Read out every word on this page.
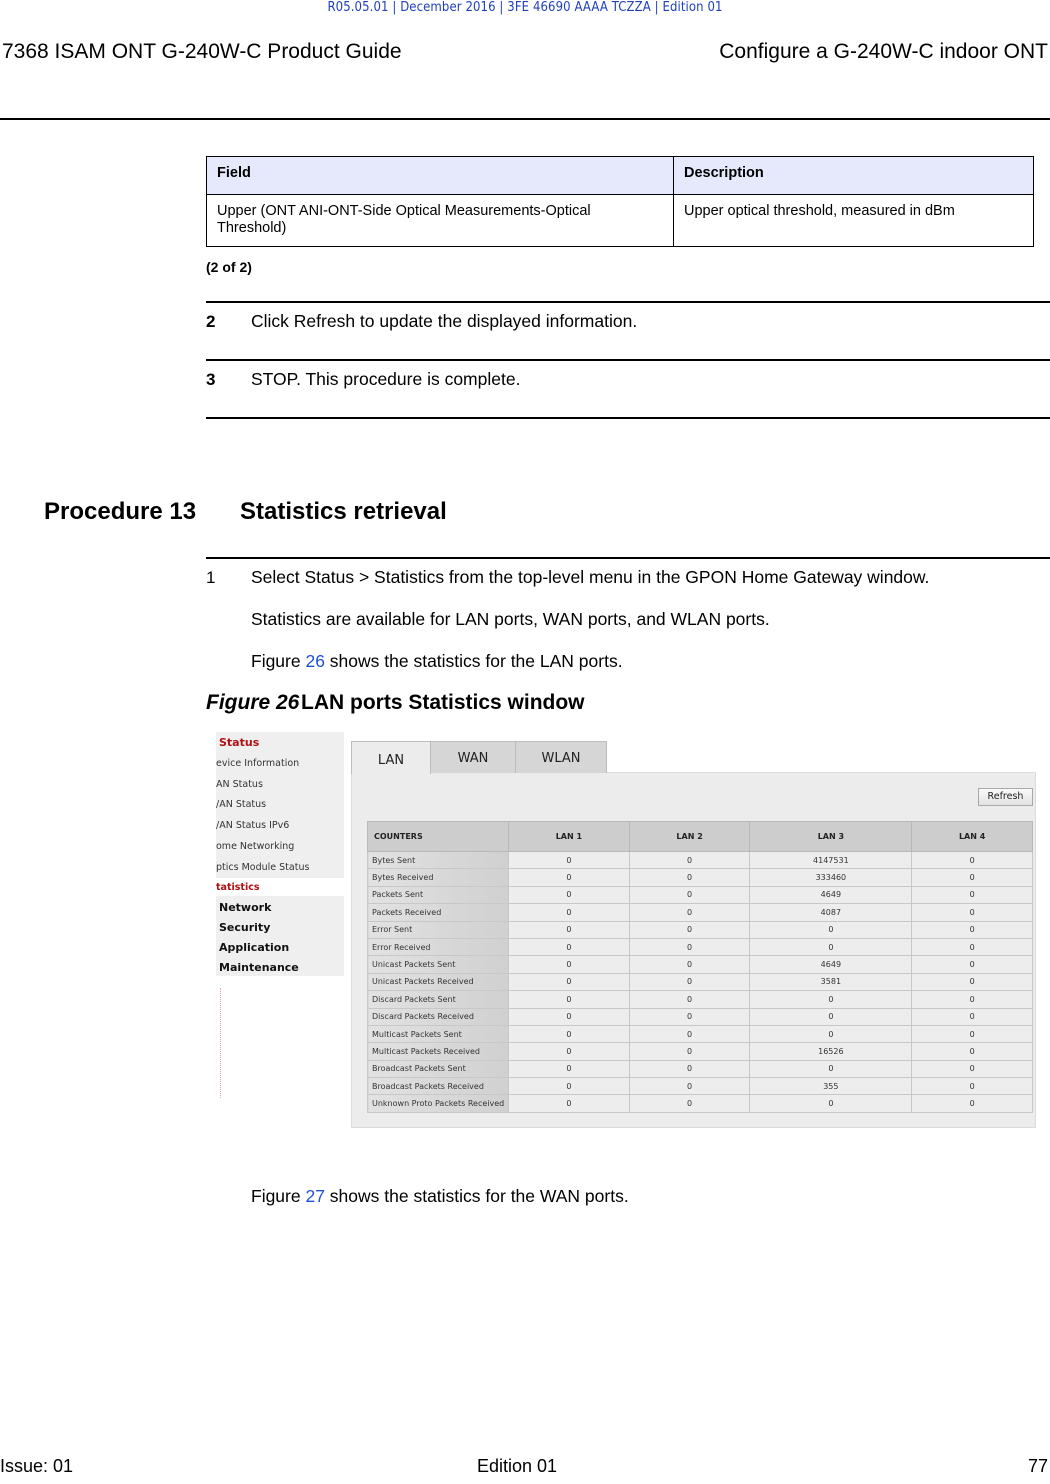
R05.05.01 | December 2016 | 3FE 46690 AAAA TCZZA | Edition 01
7368 ISAM ONT G-240W-C Product Guide	Configure a G-240W-C indoor ONT
Field	Description
Upper (ONT ANI-ONT-Side Optical Measurements-Optical Threshold)	Upper optical threshold, measured in dBm
(2 of 2)
2 Click Refresh to update the displayed information.
3 STOP. This procedure is complete.
Procedure 13 Statistics retrieval
1 Select Status > Statistics from the top-level menu in the GPON Home Gateway window.
Statistics are available for LAN ports, WAN ports, and WLAN ports.
Figure 26 shows the statistics for the LAN ports.
Figure 26 LAN ports Statistics window
Status
evice Information
AN Status
/AN Status
/AN Status IPv6
ome Networking
ptics Module Status
tatistics
Network
Security
Application
Maintenance
LAN	WAN	WLAN
Refresh
COUNTERS	LAN 1	LAN 2	LAN 3	LAN 4
Bytes Sent	0	0	4147531	0
Bytes Received	0	0	333460	0
Packets Sent	0	0	4649	0
Packets Received	0	0	4087	0
Error Sent	0	0	0	0
Error Received	0	0	0	0
Unicast Packets Sent	0	0	4649	0
Unicast Packets Received	0	0	3581	0
Discard Packets Sent	0	0	0	0
Discard Packets Received	0	0	0	0
Multicast Packets Sent	0	0	0	0
Multicast Packets Received	0	0	16526	0
Broadcast Packets Sent	0	0	0	0
Broadcast Packets Received	0	0	355	0
Unknown Proto Packets Received	0	0	0	0
Figure 27 shows the statistics for the WAN ports.
Issue: 01	Edition 01	77
